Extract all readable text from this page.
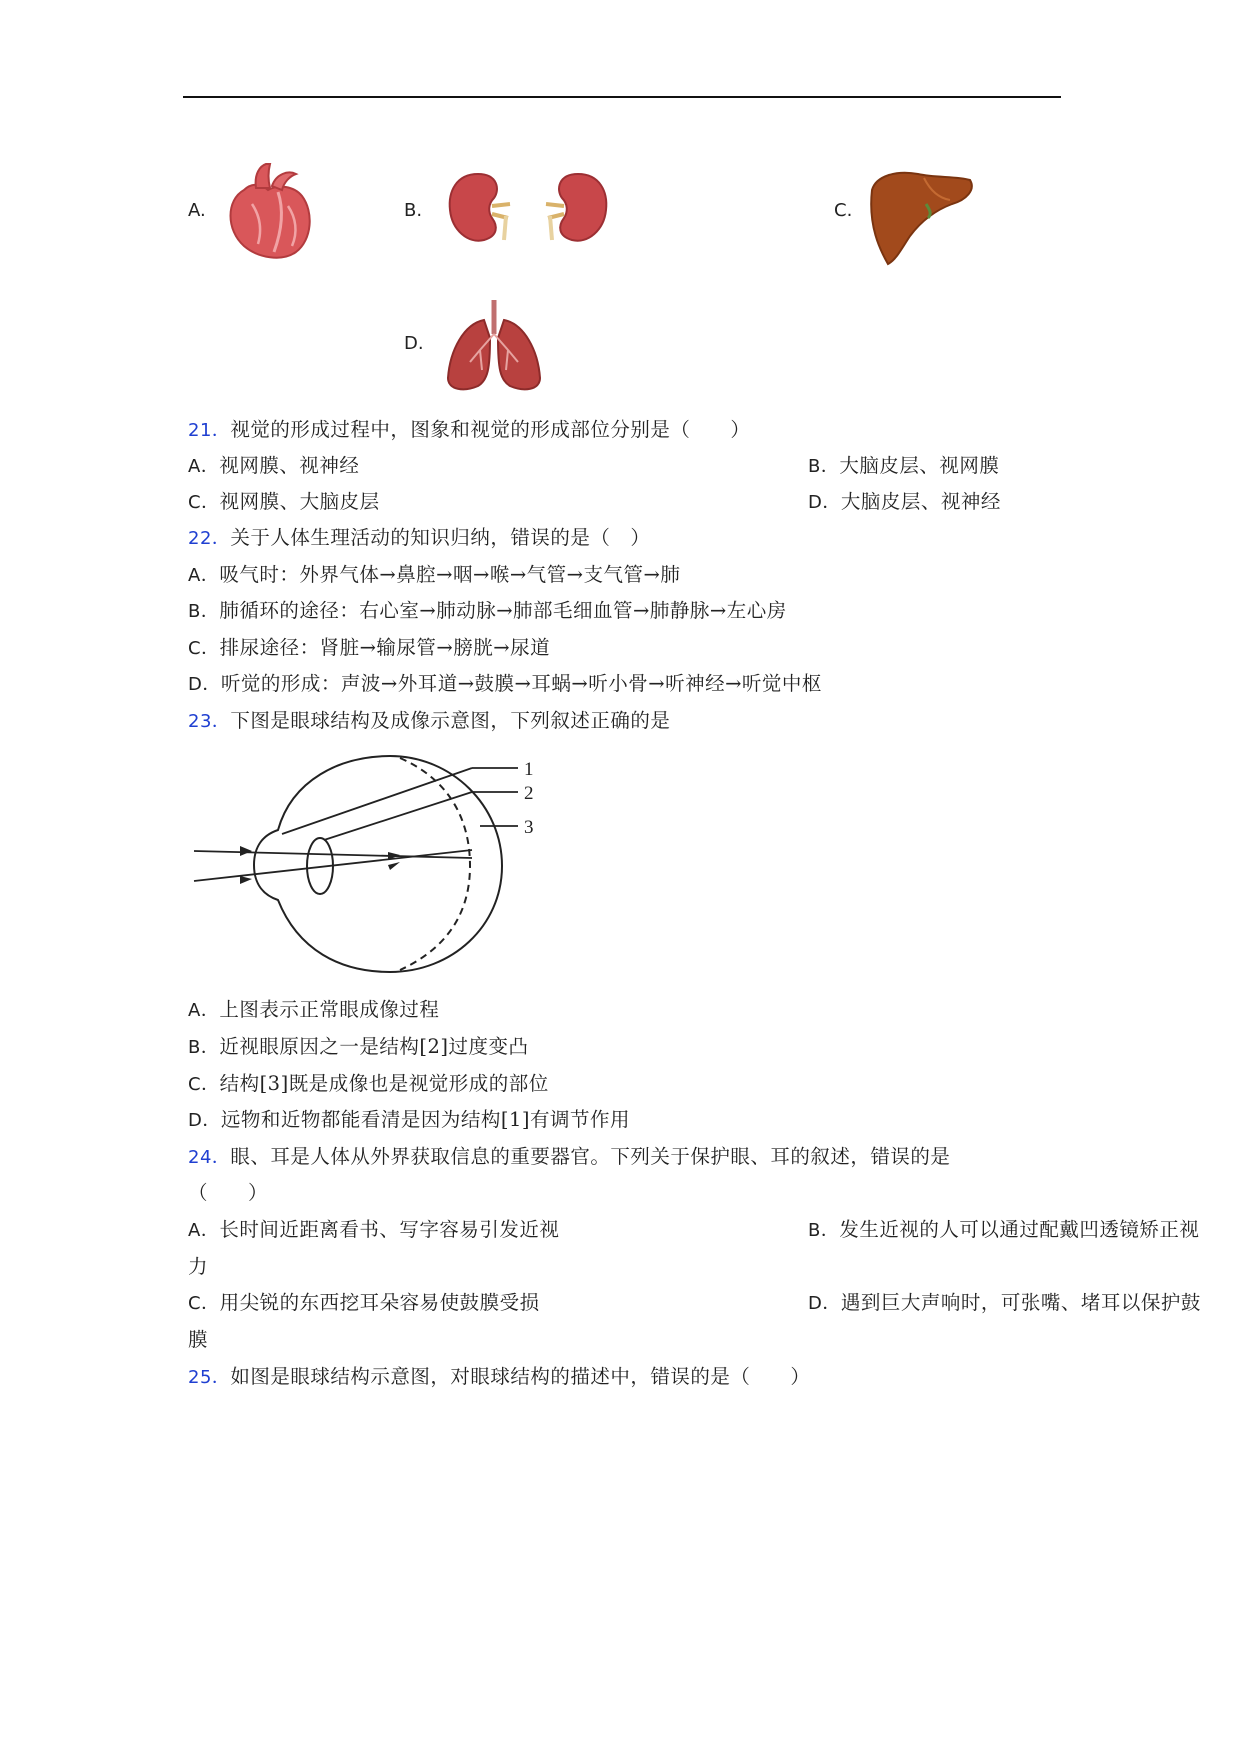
A.	B.	C.
D.
21．视觉的形成过程中，图象和视觉的形成部位分别是（　　）
A．视网膜、视神经	B．大脑皮层、视网膜
C．视网膜、大脑皮层	D．大脑皮层、视神经
22．关于人体生理活动的知识归纳，错误的是（　）
A．吸气时：外界气体→鼻腔→咽→喉→气管→支气管→肺
B．肺循环的途径：右心室→肺动脉→肺部毛细血管→肺静脉→左心房
C．排尿途径：肾脏→输尿管→膀胱→尿道
D．听觉的形成：声波→外耳道→鼓膜→耳蜗→听小骨→听神经→听觉中枢
23．下图是眼球结构及成像示意图，下列叙述正确的是
1
2
3
A．上图表示正常眼成像过程
B．近视眼原因之一是结构[2]过度变凸
C．结构[3]既是成像也是视觉形成的部位
D．远物和近物都能看清是因为结构[1]有调节作用
24．眼、耳是人体从外界获取信息的重要器官。下列关于保护眼、耳的叙述，错误的是
（　　）
A．长时间近距离看书、写字容易引发近视	B．发生近视的人可以通过配戴凹透镜矫正视
力
C．用尖锐的东西挖耳朵容易使鼓膜受损	D．遇到巨大声响时，可张嘴、堵耳以保护鼓
膜
25．如图是眼球结构示意图，对眼球结构的描述中，错误的是（　　）
